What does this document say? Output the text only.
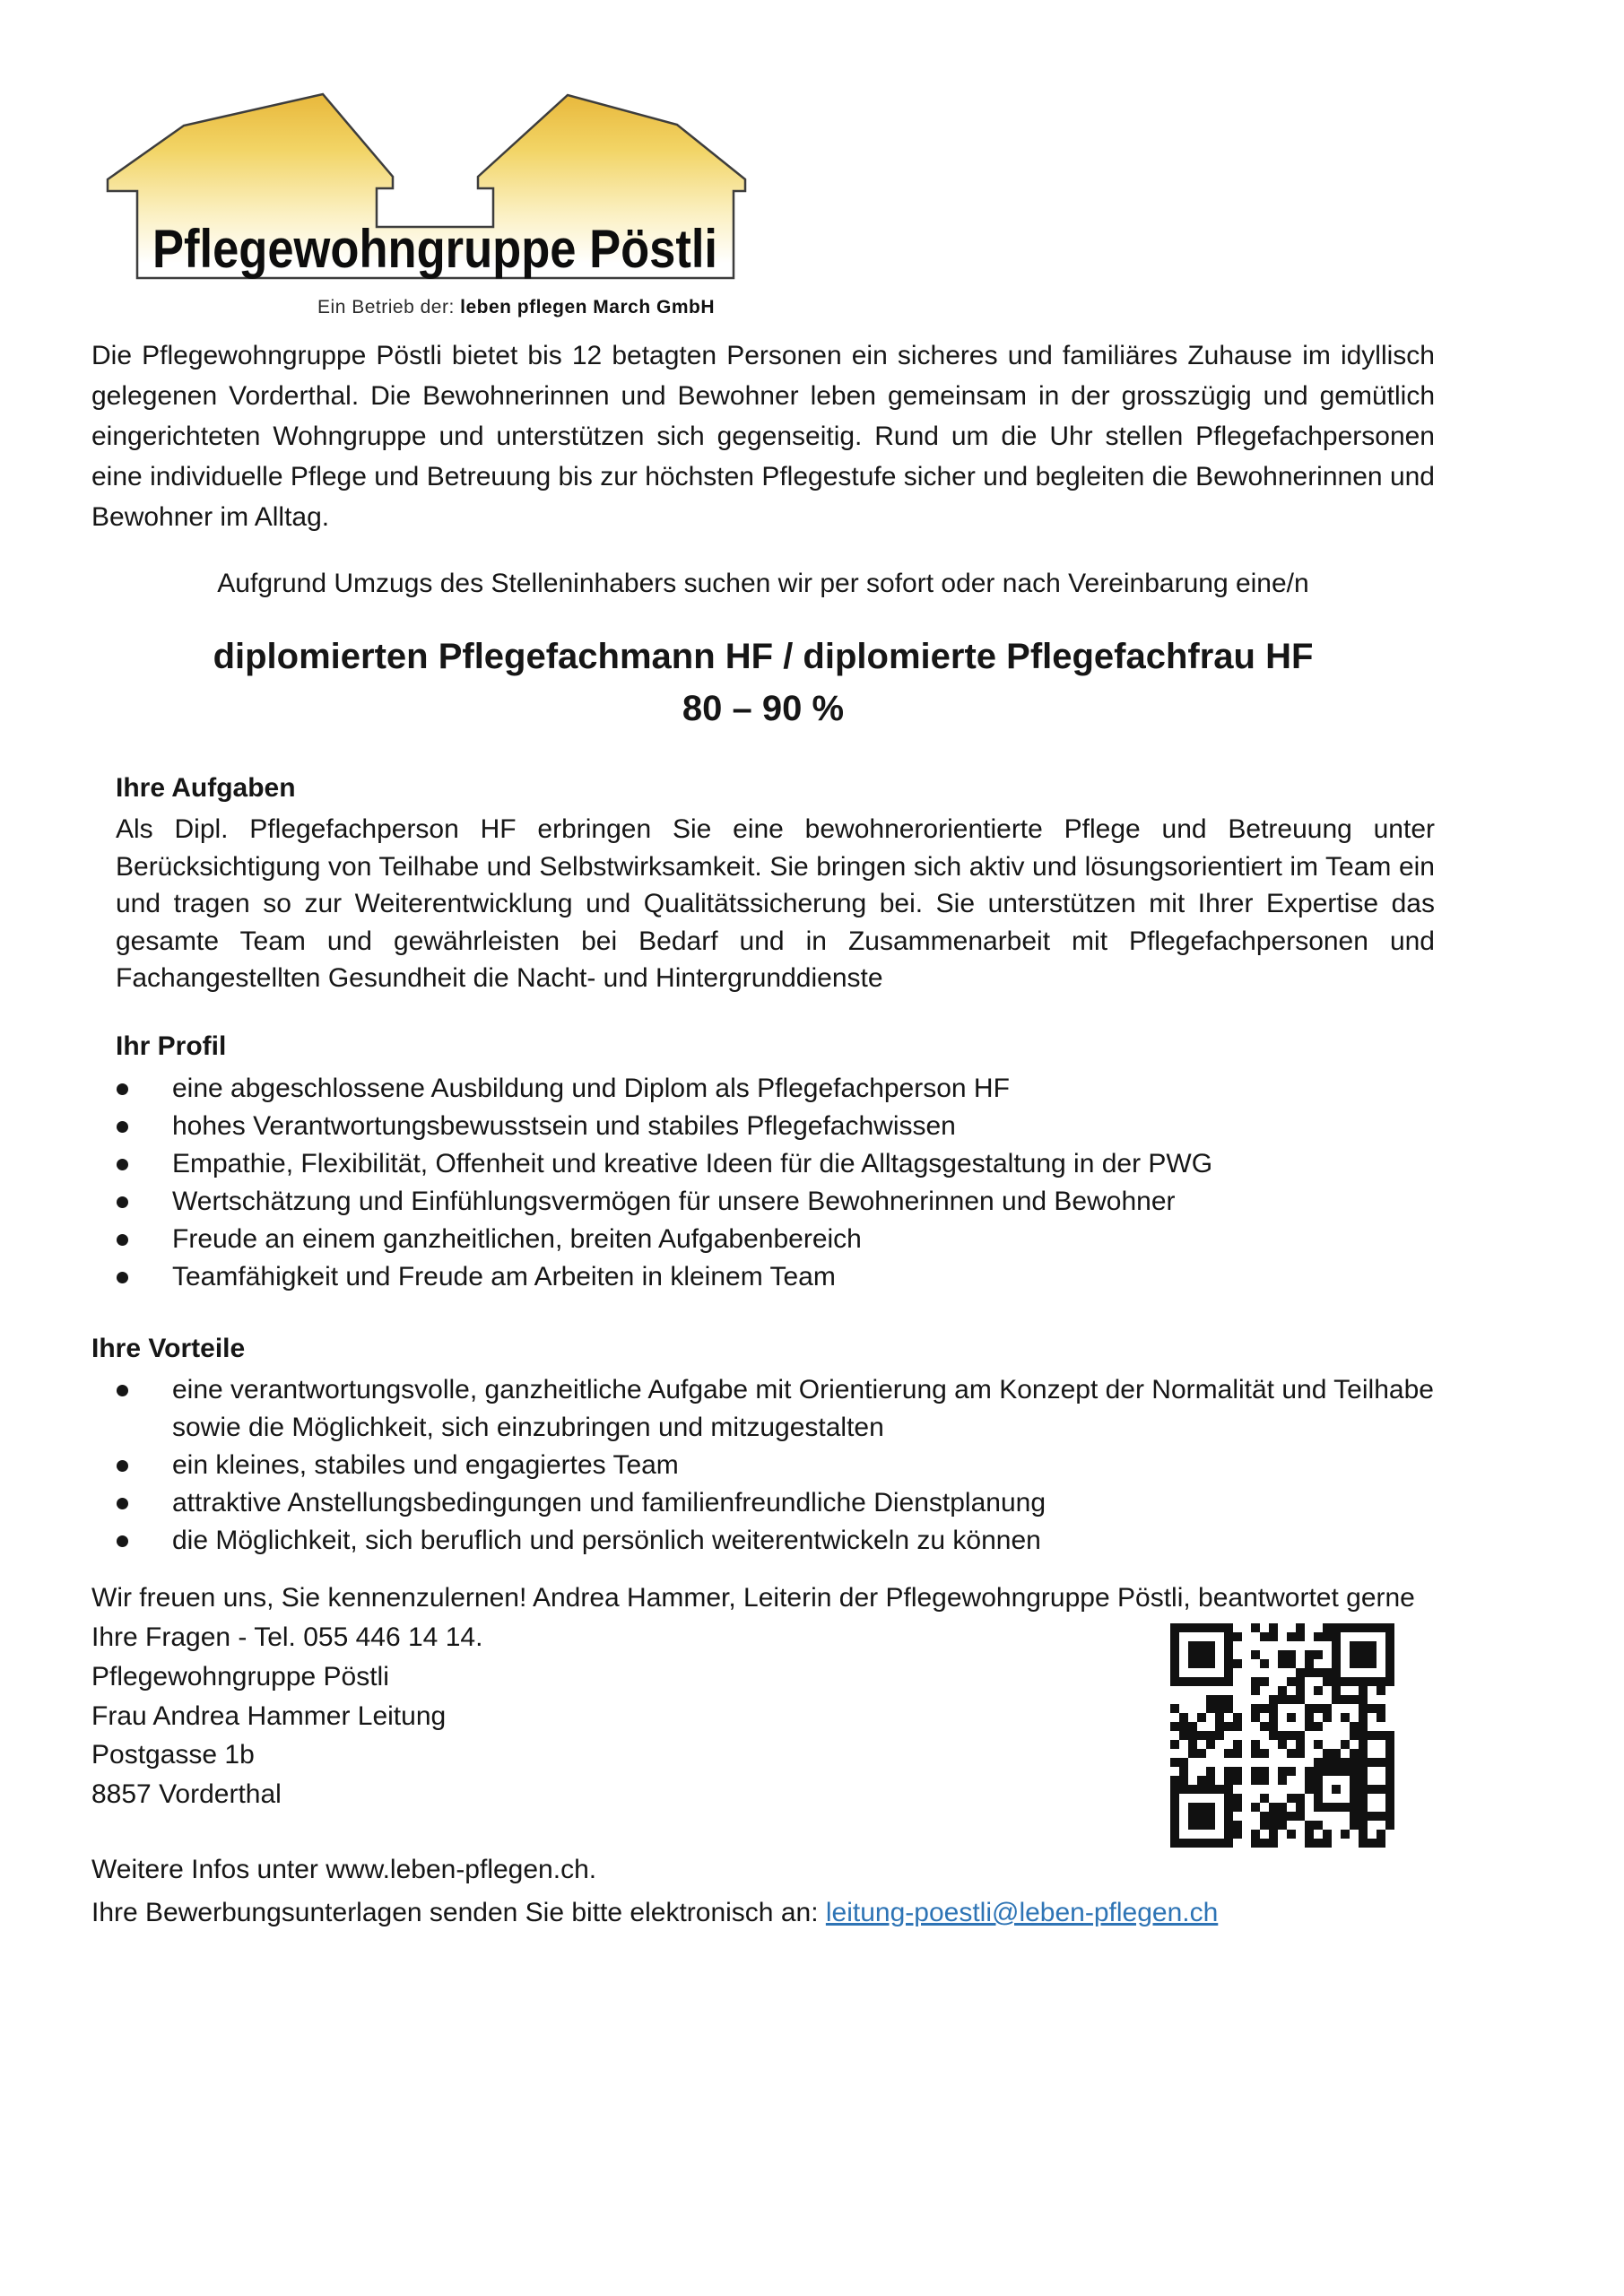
Pflegewohngruppe Pöstli
Ein Betrieb der: leben pflegen March GmbH

Die Pflegewohngruppe Pöstli bietet bis 12 betagten Personen ein sicheres und familiäres Zuhause im idyllisch gelegenen Vorderthal. Die Bewohnerinnen und Bewohner leben gemeinsam in der grosszügig und gemütlich eingerichteten Wohngruppe und unterstützen sich gegenseitig. Rund um die Uhr stellen Pflegefachpersonen eine individuelle Pflege und Betreuung bis zur höchsten Pflegestufe sicher und begleiten die Bewohnerinnen und Bewohner im Alltag.

Aufgrund Umzugs des Stelleninhabers suchen wir per sofort oder nach Vereinbarung eine/n

diplomierten Pflegefachmann HF / diplomierte Pflegefachfrau HF
80 – 90 %
Ihre Aufgaben

Als Dipl. Pflegefachperson HF erbringen Sie eine bewohnerorientierte Pflege und Betreuung unter Berücksichtigung von Teilhabe und Selbstwirksamkeit. Sie bringen sich aktiv und lösungsorientiert im Team ein und tragen so zur Weiterentwicklung und Qualitätssicherung bei. Sie unterstützen mit Ihrer Expertise das gesamte Team und gewährleisten bei Bedarf und in Zusammenarbeit mit Pflegefachpersonen und Fachangestellten Gesundheit die Nacht- und Hintergrunddienste

Ihr Profil
eine abgeschlossene Ausbildung und Diplom als Pflegefachperson HF
hohes Verantwortungsbewusstsein und stabiles Pflegefachwissen
Empathie, Flexibilität, Offenheit und kreative Ideen für die Alltagsgestaltung in der PWG
Wertschätzung und Einfühlungsvermögen für unsere Bewohnerinnen und Bewohner
Freude an einem ganzheitlichen, breiten Aufgabenbereich
Teamfähigkeit und Freude am Arbeiten in kleinem Team
Ihre Vorteile
eine verantwortungsvolle, ganzheitliche Aufgabe mit Orientierung am Konzept der Normalität und Teilhabe sowie die Möglichkeit, sich einzubringen und mitzugestalten
ein kleines, stabiles und engagiertes Team
attraktive Anstellungsbedingungen und familienfreundliche Dienstplanung
die Möglichkeit, sich beruflich und persönlich weiterentwickeln zu können

Wir freuen uns, Sie kennenzulernen! Andrea Hammer, Leiterin der Pflegewohngruppe Pöstli, beantwortet gerne Ihre Fragen - Tel. 055 446 14 14.

Pflegewohngruppe Pöstli
Frau Andrea Hammer Leitung
Postgasse 1b
8857 Vorderthal

Weitere Infos unter www.leben-pflegen.ch.

Ihre Bewerbungsunterlagen senden Sie bitte elektronisch an: leitung-poestli@leben-pflegen.ch
